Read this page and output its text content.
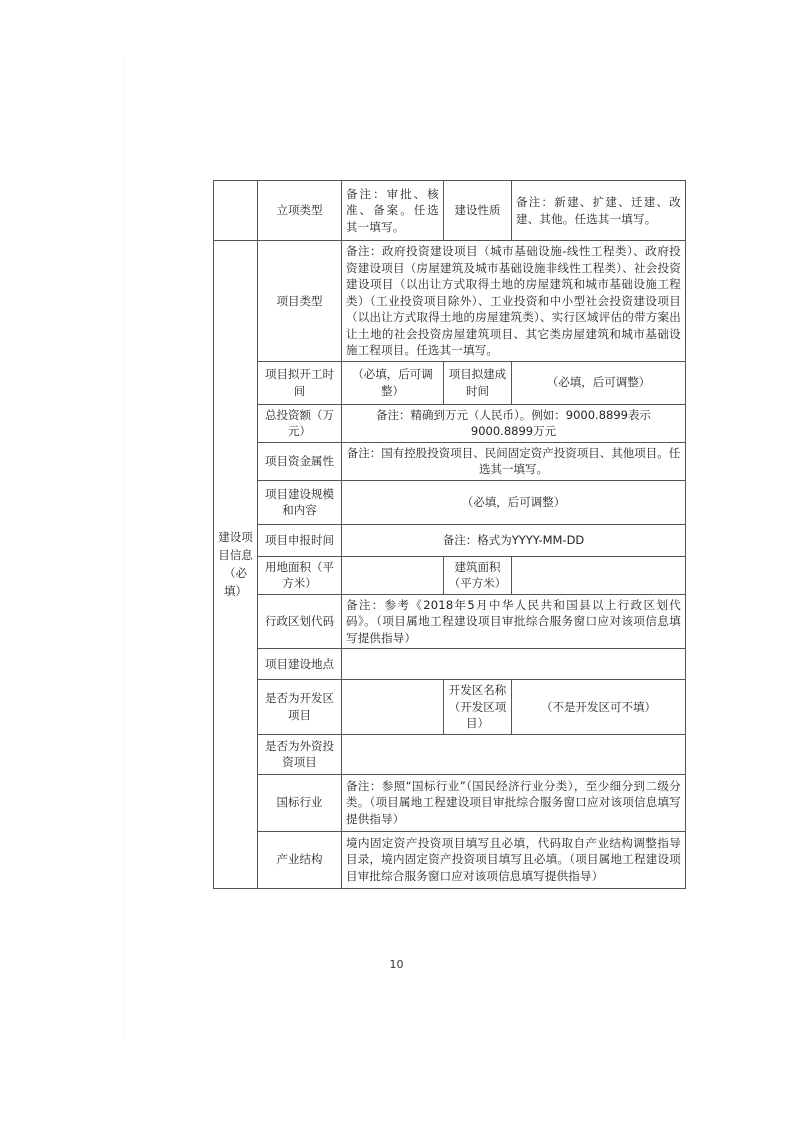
	立项类型	备注：审批、核准、备案。任选其一填写。	建设性质	备注：新建、扩建、迁建、改建、其他。任选其一填写。
建设项目信息（必填）	项目类型	备注：政府投资建设项目（城市基础设施-线性工程类）、政府投资建设项目（房屋建筑及城市基础设施非线性工程类）、社会投资建设项目（以出让方式取得土地的房屋建筑和城市基础设施工程类）（工业投资项目除外）、工业投资和中小型社会投资建设项目（以出让方式取得土地的房屋建筑类）、实行区域评估的带方案出让土地的社会投资房屋建筑项目、其它类房屋建筑和城市基础设施工程项目。任选其一填写。		
	项目拟开工时间	（必填，后可调整）	项目拟建成时间	（必填，后可调整）
	总投资额（万元）	备注：精确到万元（人民币）。例如：9000.8899表示9000.8899万元		
	项目资金属性	备注：国有控股投资项目、民间固定资产投资项目、其他项目。任选其一填写。		
	项目建设规模和内容	（必填，后可调整）		
	项目申报时间	备注：格式为YYYY-MM-DD		
	用地面积（平方米）		建筑面积（平方米）	
	行政区划代码	备注：参考《2018年5月中华人民共和国县以上行政区划代码》。（项目属地工程建设项目审批综合服务窗口应对该项信息填写提供指导）		
	项目建设地点			
	是否为开发区项目		开发区名称（开发区项目）	（不是开发区可不填）
	是否为外资投资项目			
	国标行业	备注：参照“国标行业”（国民经济行业分类），至少细分到二级分类。（项目属地工程建设项目审批综合服务窗口应对该项信息填写提供指导）		
	产业结构	境内固定资产投资项目填写且必填，代码取自产业结构调整指导目录，境内固定资产投资项目填写且必填。（项目属地工程建设项目审批综合服务窗口应对该项信息填写提供指导）		
10
